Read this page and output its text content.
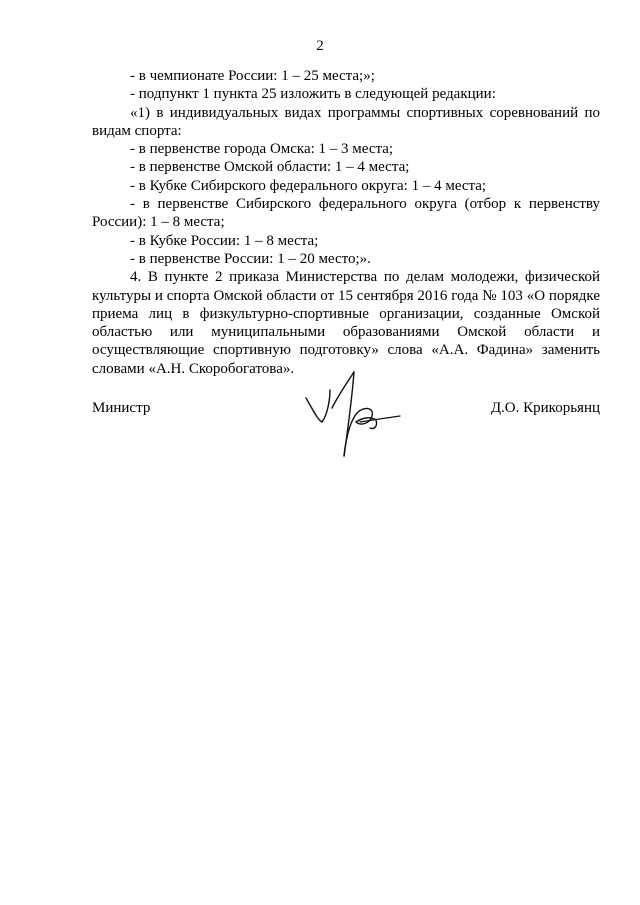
2

- в чемпионате России: 1 – 25 места;»;

- подпункт 1 пункта 25 изложить в следующей редакции:

«1) в индивидуальных видах программы спортивных соревнований по видам спорта:

- в первенстве города Омска: 1 – 3 места;

- в первенстве Омской области: 1 – 4 места;

- в Кубке Сибирского федерального округа: 1 – 4 места;

- в первенстве Сибирского федерального округа (отбор к первенству России): 1 – 8 места;

- в Кубке России: 1 – 8 места;

- в первенстве России: 1 – 20 место;».

4. В пункте 2 приказа Министерства по делам молодежи, физической культуры и спорта Омской области от 15 сентября 2016 года № 103 «О порядке приема лиц в физкультурно-спортивные организации, созданные Омской областью или муниципальными образованиями Омской области и осуществляющие спортивную подготовку» слова «А.А. Фадина» заменить словами «А.Н. Скоробогатова».

Министр	Д.О. Крикорьянц
